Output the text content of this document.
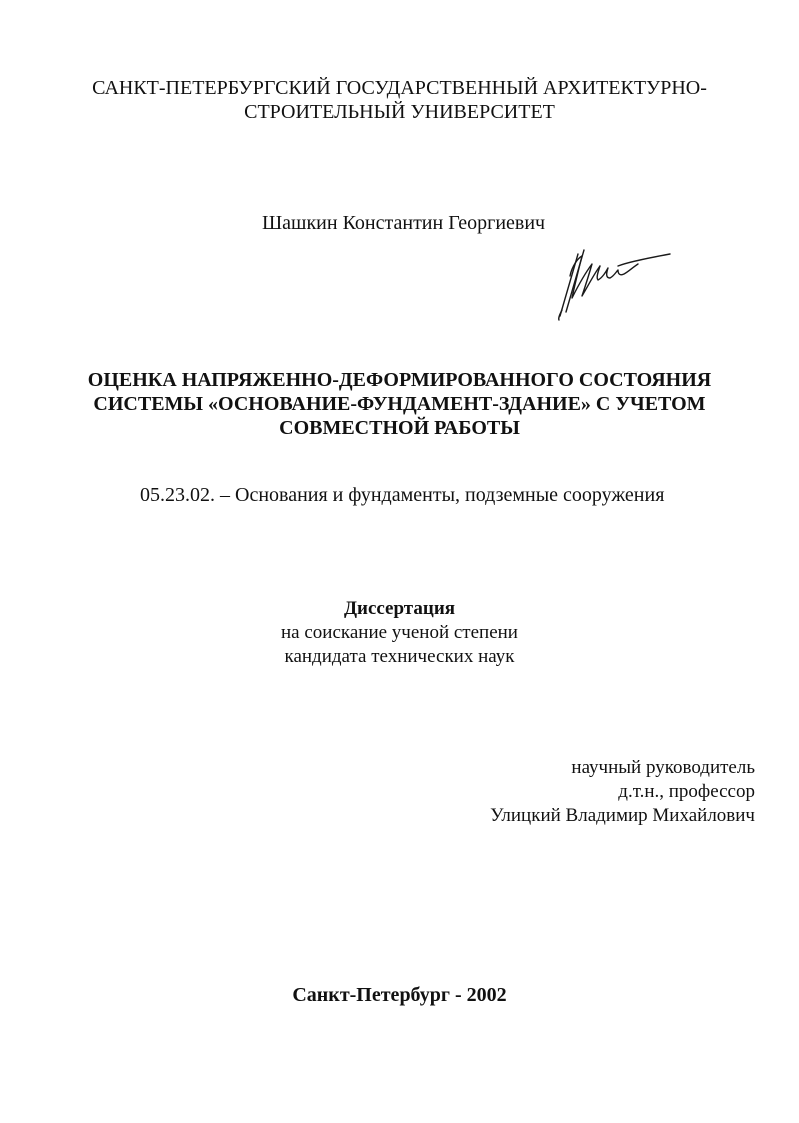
САНКТ-ПЕТЕРБУРГСКИЙ ГОСУДАРСТВЕННЫЙ АРХИТЕКТУРНО-
СТРОИТЕЛЬНЫЙ УНИВЕРСИТЕТ
Шашкин Константин Георгиевич
ОЦЕНКА НАПРЯЖЕННО-ДЕФОРМИРОВАННОГО СОСТОЯНИЯ
СИСТЕМЫ «ОСНОВАНИЕ-ФУНДАМЕНТ-ЗДАНИЕ» С УЧЕТОМ
СОВМЕСТНОЙ РАБОТЫ
05.23.02. – Основания и фундаменты, подземные сооружения
Диссертация
на соискание ученой степени
кандидата технических наук
научный руководитель
д.т.н., профессор
Улицкий Владимир Михайлович
Санкт-Петербург - 2002
